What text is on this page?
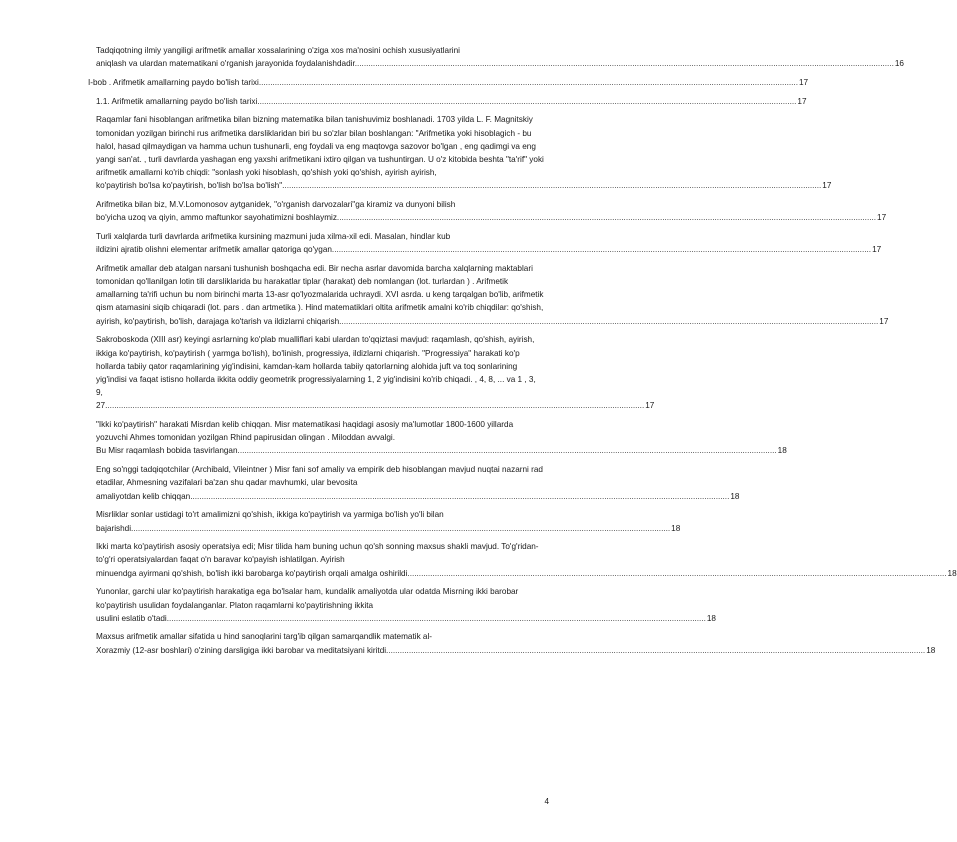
Tadqiqotning ilmiy yangiligi arifmetik amallar xossalarining o'ziga xos ma'nosini ochish xususiyatlarini
aniqlash va ulardan matematikani o'rganish jarayonida foydalanishdadir. .....	16
I-bob . Arifmetik amallarning paydo bo'lish tarixi. .....	17
1.1. Arifmetik amallarning paydo bo'lish tarixi. .....	17
Raqamlar fani hisoblangan arifmetika bilan bizning matematika bilan tanishuvimiz boshlanadi. 1703 yilda L. F. Magnitskiy tomonidan yozilgan birinchi rus arifmetika darsliklaridan biri bu so'zlar bilan boshlangan: "Arifmetika yoki hisoblagich - bu halol, hasad qilmaydigan va hamma uchun tushunarli, eng foydali va eng maqtovga sazovor bo'lgan , eng qadimgi va eng yangi san'at. , turli davrlarda yashagan eng yaxshi arifmetikani ixtiro qilgan va tushuntirgan. U o'z kitobida beshta "ta'rif" yoki arifmetik amallarni ko'rib chiqdi: "sonlash yoki hisoblash, qo'shish yoki qo'shish, ayirish ayirish,
ko'paytirish bo'lsa ko'paytirish, bo'lish bo'lsa bo'lish". .....	17
Arifmetika bilan biz, M.V.Lomonosov aytganidek, "o'rganish darvozalari"ga kiramiz va dunyoni bilish
bo'yicha uzoq va qiyin, ammo maftunkor sayohatimizni boshlaymiz. .....	17
Turli xalqlarda turli davrlarda arifmetika kursining mazmuni juda xilma-xil edi. Masalan, hindlar kub
ildizini ajratib olishni elementar arifmetik amallar qatoriga qo'ygan. .....	17
Arifmetik amallar deb atalgan narsani tushunish boshqacha edi. Bir necha asrlar davomida barcha xalqlarning maktablari tomonidan qo'llanilgan lotin tili darsliklarida bu harakatlar tiplar (harakat) deb nomlangan (lot. turlardan ) . Arifmetik amallarning ta'rifi uchun bu nom birinchi marta 13-asr qo'lyozmalarida uchraydi. XVI asrda. u keng tarqalgan bo'lib, arifmetik qism atamasini siqib chiqaradi (lot. pars . dan artmetika ). Hind matematiklari oltita arifmetik amalni ko'rib chiqdilar: qo'shish,
ayirish, ko'paytirish, bo'lish, darajaga ko'tarish va ildizlarni chiqarish. .....	17
Sakroboskoda (XIII asr) keyingi asrlarning ko'plab mualliflari kabi ulardan to'qqiztasi mavjud: raqamlash, qo'shish, ayirish, ikkiga ko'paytirish, ko'paytirish ( yarmga bo'lish), bo'linish, progressiya, ildizlarni chiqarish. "Progressiya" harakati ko'p hollarda tabiiy qator raqamlarining yig'indisini, kamdan-kam hollarda tabiiy qatorlarning alohida juft va toq sonlarining yig'indisi va faqat istisno hollarda ikkita oddiy geometrik progressiyalarning 1, 2 yig'indisini ko'rib chiqadi. , 4, 8, ... va 1 , 3, 9,
27. .....	17
"Ikki ko'paytirish" harakati Misrdan kelib chiqqan. Misr matematikasi haqidagi asosiy ma'lumotlar 1800-1600 yillarda yozuvchi Ahmes tomonidan yozilgan Rhind papirusidan olingan . Miloddan avvalgi.
Bu Misr raqamlash bobida tasvirlangan. .....	18
Eng so'nggi tadqiqotchilar (Archibald, Vileintner ) Misr fani sof amaliy va empirik deb hisoblangan mavjud nuqtai nazarni rad etadilar, Ahmesning vazifalari ba'zan shu qadar mavhumki, ular bevosita
amaliyotdan kelib chiqqan. .....	18
Misrliklar sonlar ustidagi to'rt amalimizni qo'shish, ikkiga ko'paytirish va yarmiga bo'lish yo'li bilan
bajarishdi. .....	18
Ikki marta ko'paytirish asosiy operatsiya edi; Misr tilida ham buning uchun qo'sh sonning maxsus shakli mavjud. To'g'ridan-to'g'ri operatsiyalardan faqat o'n baravar ko'payish ishlatilgan. Ayirish
minuendga ayirmani qo'shish, bo'lish ikki barobarga ko'paytirish orqali amalga oshirildi. .....	18
Yunonlar, garchi ular ko'paytirish harakatiga ega bo'lsalar ham, kundalik amaliyotda ular odatda Misrning ikki barobar ko'paytirish usulidan foydalanganlar. Platon raqamlarni ko'paytirishning ikkita
usulini eslatib o'tadi. .....	18
Maxsus arifmetik amallar sifatida u hind sanoqlarini targ'ib qilgan samarqandlik matematik al-
Xorazmiy (12-asr boshlari) o'zining darsligiga ikki barobar va meditatsiyani kiritdi. .....	18
4
